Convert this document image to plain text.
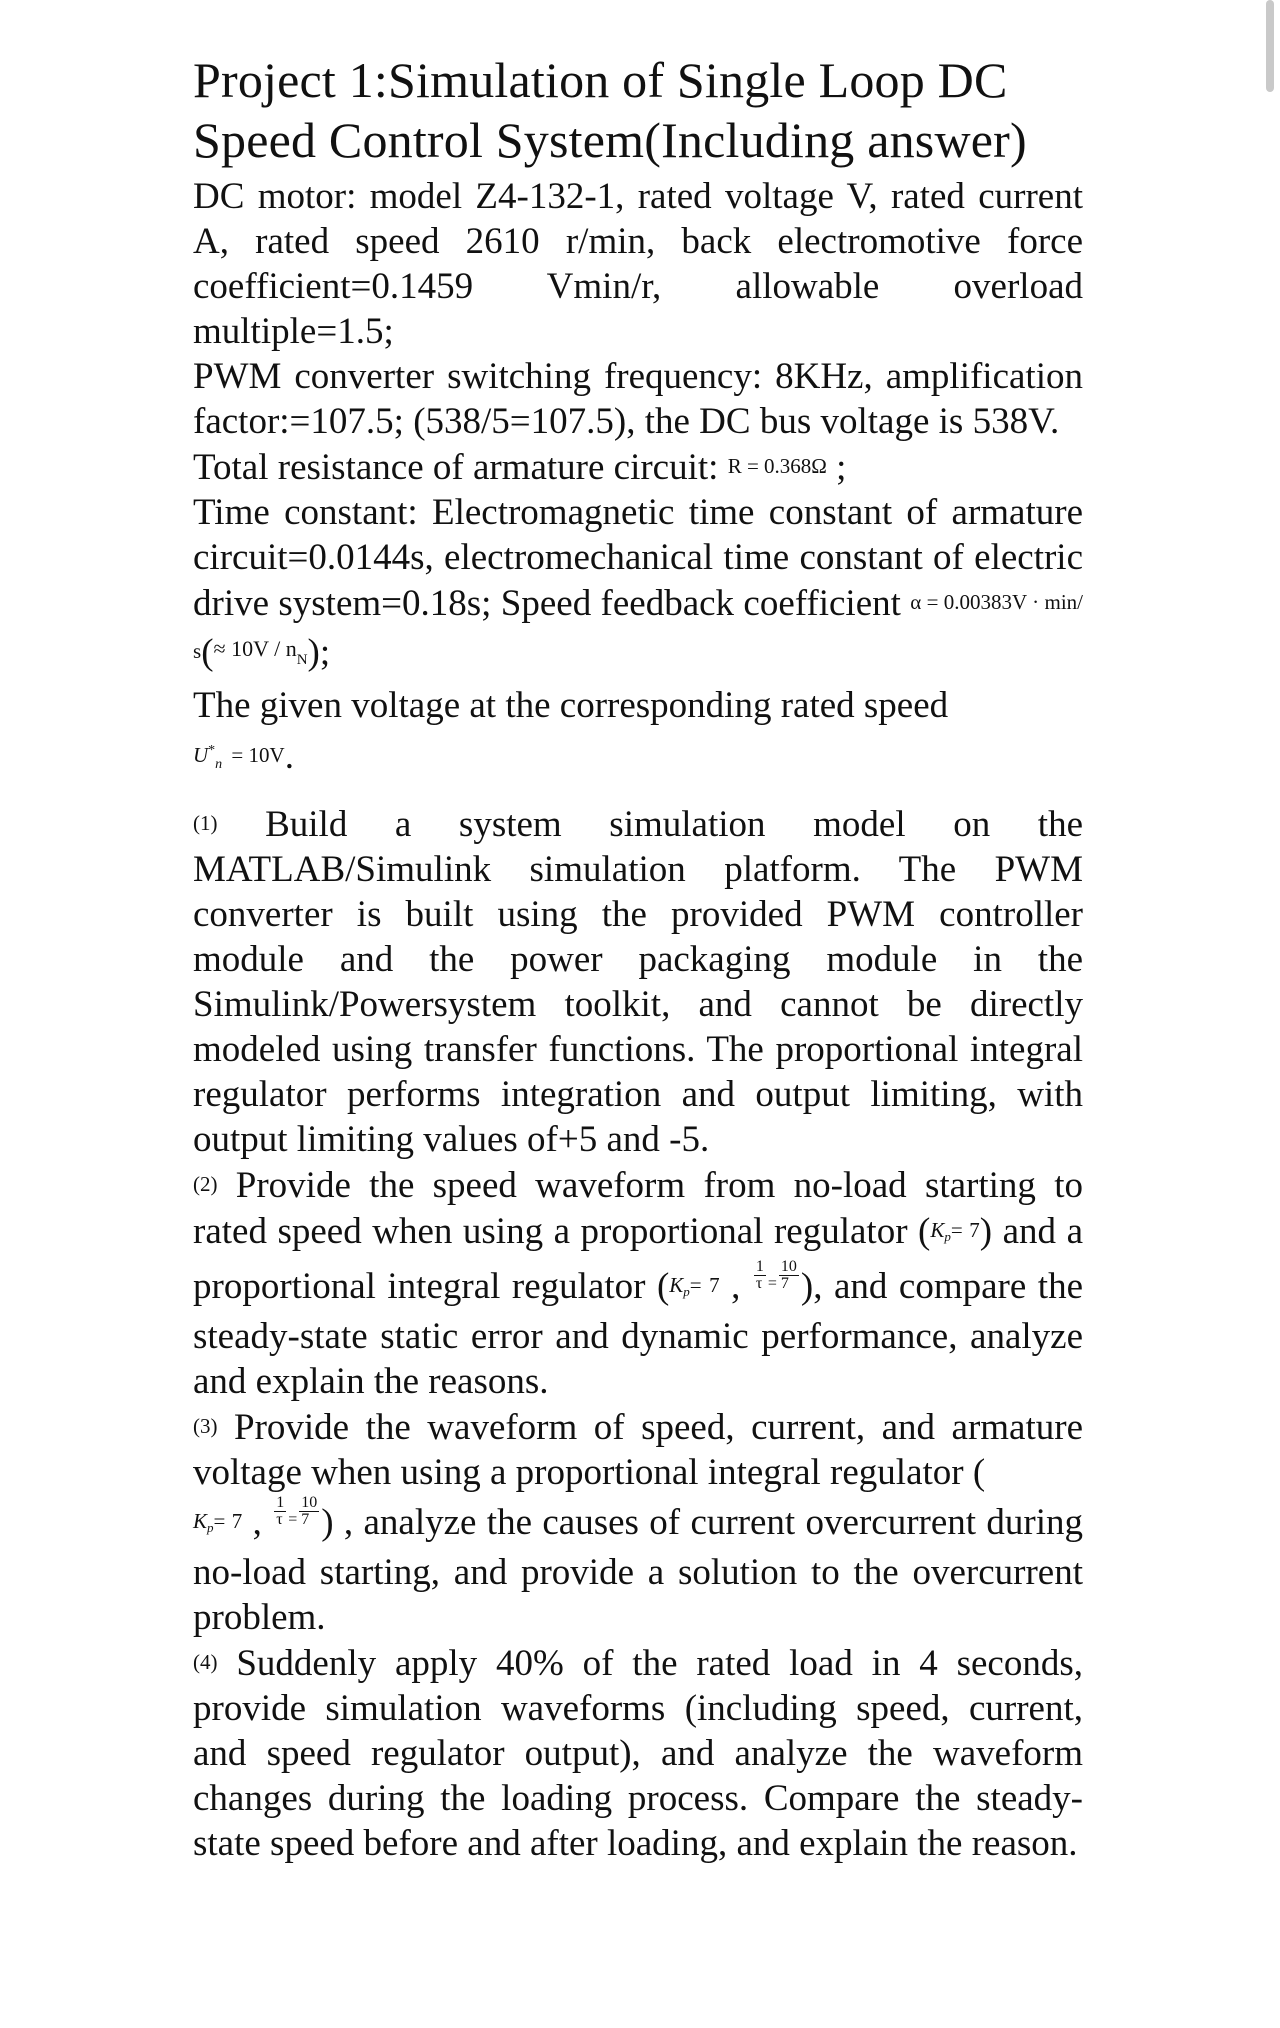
Project 1:Simulation of Single Loop DC Speed Control System(Including answer)

DC motor: model Z4-132-1, rated voltage V, rated current A, rated speed 2610 r/min, back electromotive force coefficient=0.1459 Vmin/r, allowable overload multiple=1.5;

PWM converter switching frequency: 8KHz, amplification factor:=107.5; (538/5=107.5), the DC bus voltage is 538V.

Total resistance of armature circuit: R = 0.368Ω ;

Time constant: Electromagnetic time constant of armature circuit=0.0144s, electromechanical time constant of electric drive system=0.18s; Speed feedback coefficient α = 0.00383V · min/ s($^{\approx 10V / n}$N);

The given voltage at the corresponding rated speed
U*n = 10V.

(1) Build a system simulation model on the MATLAB/Simulink simulation platform. The PWM converter is built using the provided PWM controller module and the power packaging module in the Simulink/Powersystem toolkit, and cannot be directly modeled using transfer functions. The proportional integral regulator performs integration and output limiting, with output limiting values of+5 and -5.

(2) Provide the speed waveform from no-load starting to rated speed when using a proportional regulator (Kp= 7) and a proportional integral regulator (Kp= 7 , $\frac{1}{\tau} ^= \frac{10}{7}$ ), and compare the steady-state static error and dynamic performance, analyze and explain the reasons.

(3) Provide the waveform of speed, current, and armature voltage when using a proportional integral regulator (
Kp= 7 , $\frac{1}{\tau} ^= \frac{10}{7}$ ) , analyze the causes of current overcurrent during no-load starting, and provide a solution to the overcurrent problem.

(4) Suddenly apply 40% of the rated load in 4 seconds, provide simulation waveforms (including speed, current, and speed regulator output), and analyze the waveform changes during the loading process. Compare the steady-state speed before and after loading, and explain the reason.
